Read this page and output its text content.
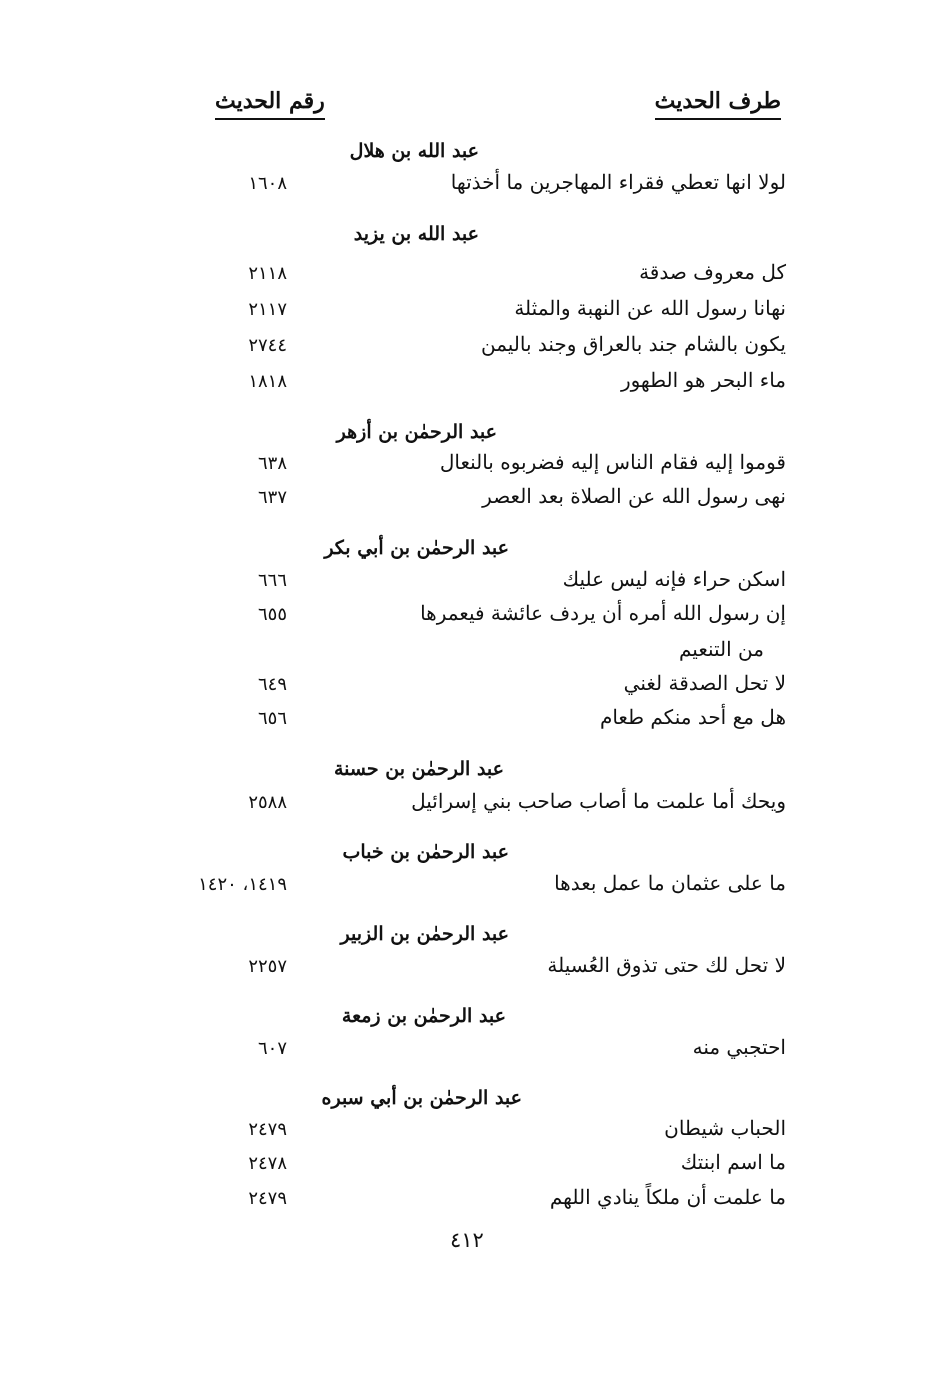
طرف الحديث
رقم الحديث
عبد الله بن هلال
لولا انها تعطي فقراء المهاجرين ما أخذتها
١٦٠٨
عبد الله بن يزيد
كل معروف صدقة
٢١١٨
نهانا رسول الله عن النهبة والمثلة
٢١١٧
يكون بالشام جند بالعراق وجند باليمن
٢٧٤٤
ماء البحر هو الطهور
١٨١٨
عبد الرحمٰن بن أزهر
قوموا إليه فقام الناس إليه فضربوه بالنعال
٦٣٨
نهى رسول الله عن الصلاة بعد العصر
٦٣٧
عبد الرحمٰن بن أبي بكر
اسكن حراء فإنه ليس عليك
٦٦٦
إن رسول الله أمره أن يردف عائشة فيعمرها
٦٥٥
من التنعيم
لا تحل الصدقة لغني
٦٤٩
هل مع أحد منكم طعام
٦٥٦
عبد الرحمٰن بن حسنة
ويحك أما علمت ما أصاب صاحب بني إسرائيل
٢٥٨٨
عبد الرحمٰن بن خباب
ما على عثمان ما عمل بعدها
١٤١٩، ١٤٢٠
عبد الرحمٰن بن الزبير
لا تحل لك حتى تذوق العُسيلة
٢٢٥٧
عبد الرحمٰن بن زمعة
احتجبي منه
٦٠٧
عبد الرحمٰن بن أبي سبره
الحباب شيطان
٢٤٧٩
ما اسم ابنتك
٢٤٧٨
ما علمت أن ملكاً ينادي اللهم
٢٤٧٩
٤١٢
